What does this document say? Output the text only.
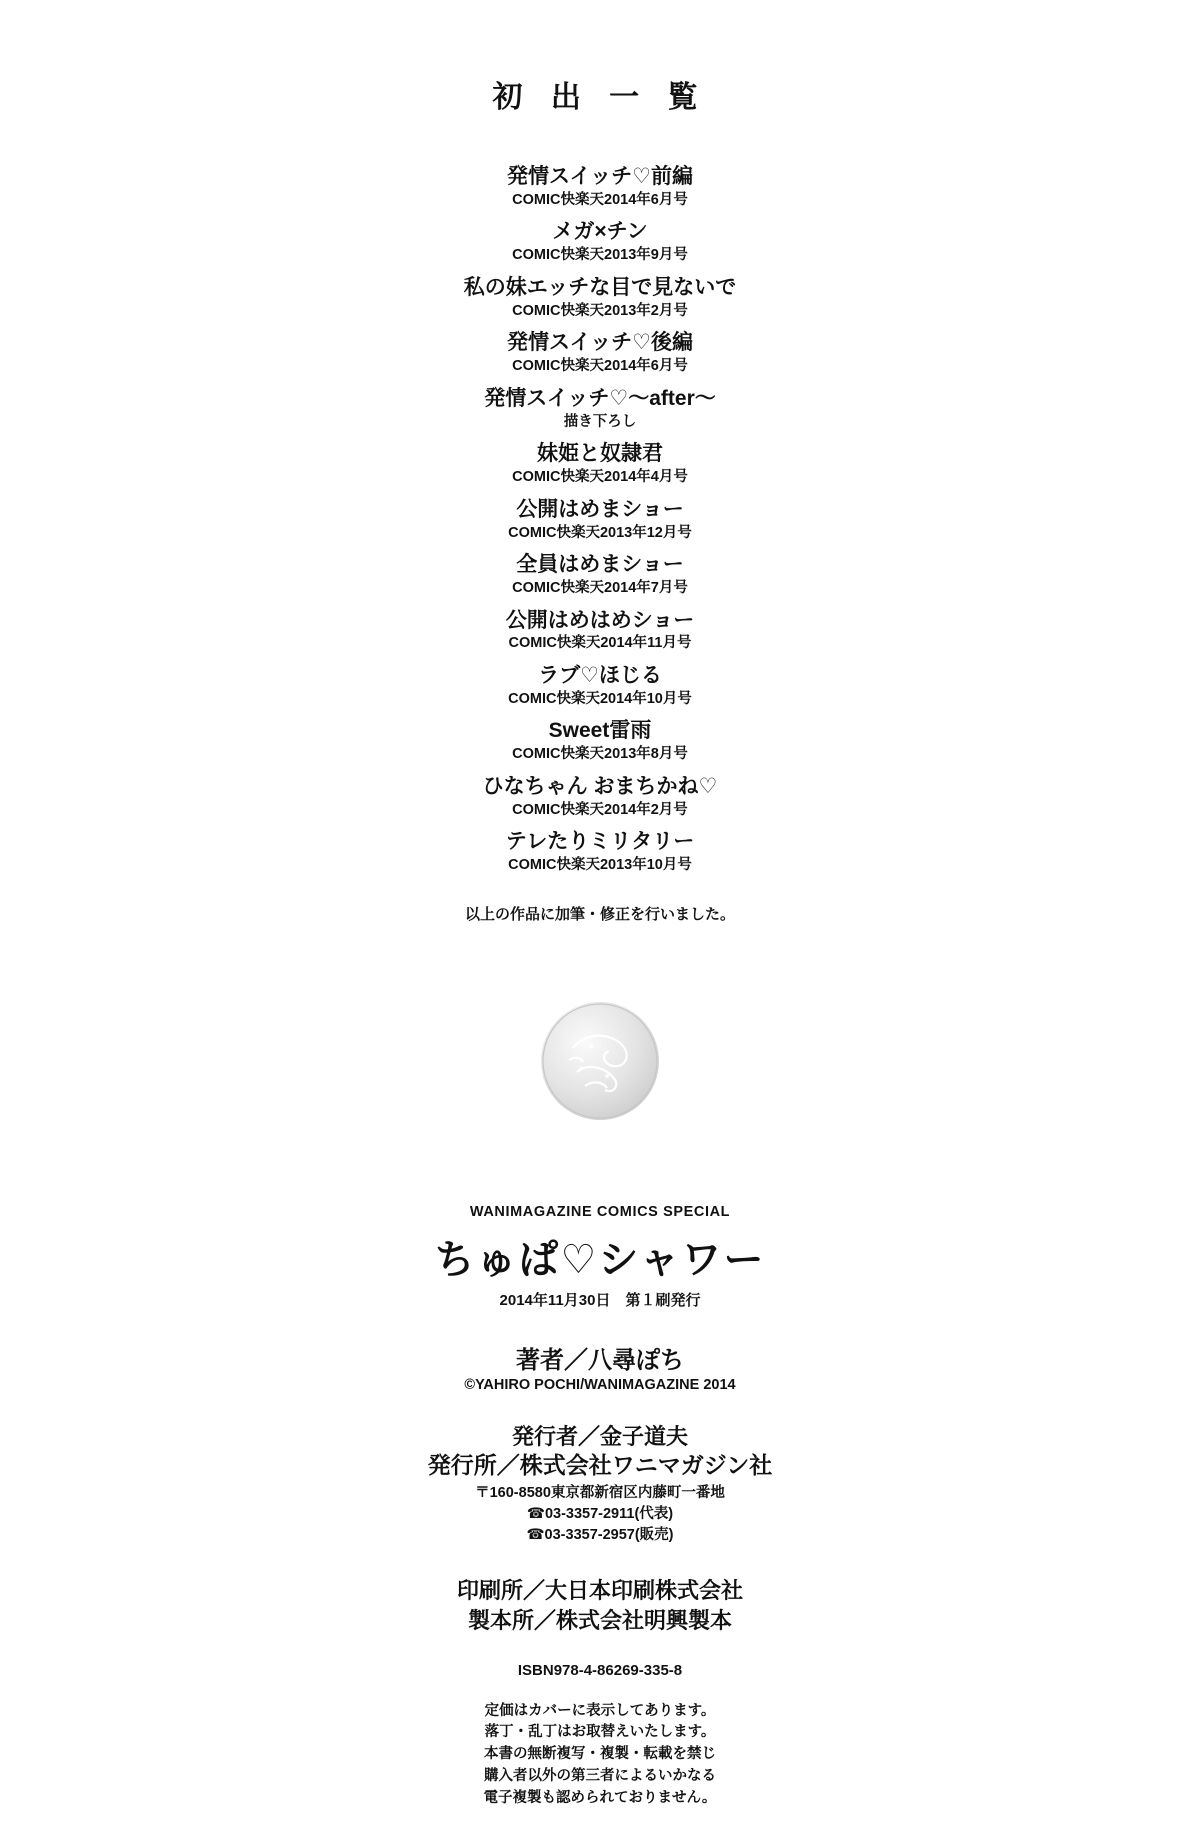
初 出 一 覧
発情スイッチ♡前編
COMIC快楽天2014年6月号
メガ×チン
COMIC快楽天2013年9月号
私の妹エッチな目で見ないで
COMIC快楽天2013年2月号
発情スイッチ♡後編
COMIC快楽天2014年6月号
発情スイッチ♡〜after〜
描き下ろし
妹姫と奴隷君
COMIC快楽天2014年4月号
公開はめまショー
COMIC快楽天2013年12月号
全員はめまショー
COMIC快楽天2014年7月号
公開はめはめショー
COMIC快楽天2014年11月号
ラブ♡ほじる
COMIC快楽天2014年10月号
Sweet雷雨
COMIC快楽天2013年8月号
ひなちゃん おまちかね♡
COMIC快楽天2014年2月号
テレたりミリタリー
COMIC快楽天2013年10月号
以上の作品に加筆・修正を行いました。
WANIMAGAZINE COMICS SPECIAL
ちゅぱ♡シャワー
2014年11月30日　第１刷発行
著者／八尋ぽち
©YAHIRO POCHI/WANIMAGAZINE 2014
発行者／金子道夫
発行所／株式会社ワニマガジン社
〒160-8580東京都新宿区内藤町一番地
☎03-3357-2911(代表)
☎03-3357-2957(販売)
印刷所／大日本印刷株式会社
製本所／株式会社明興製本
ISBN978-4-86269-335-8
定価はカバーに表示してあります。
落丁・乱丁はお取替えいたします。
本書の無断複写・複製・転載を禁じ
購入者以外の第三者によるいかなる
電子複製も認められておりません。
